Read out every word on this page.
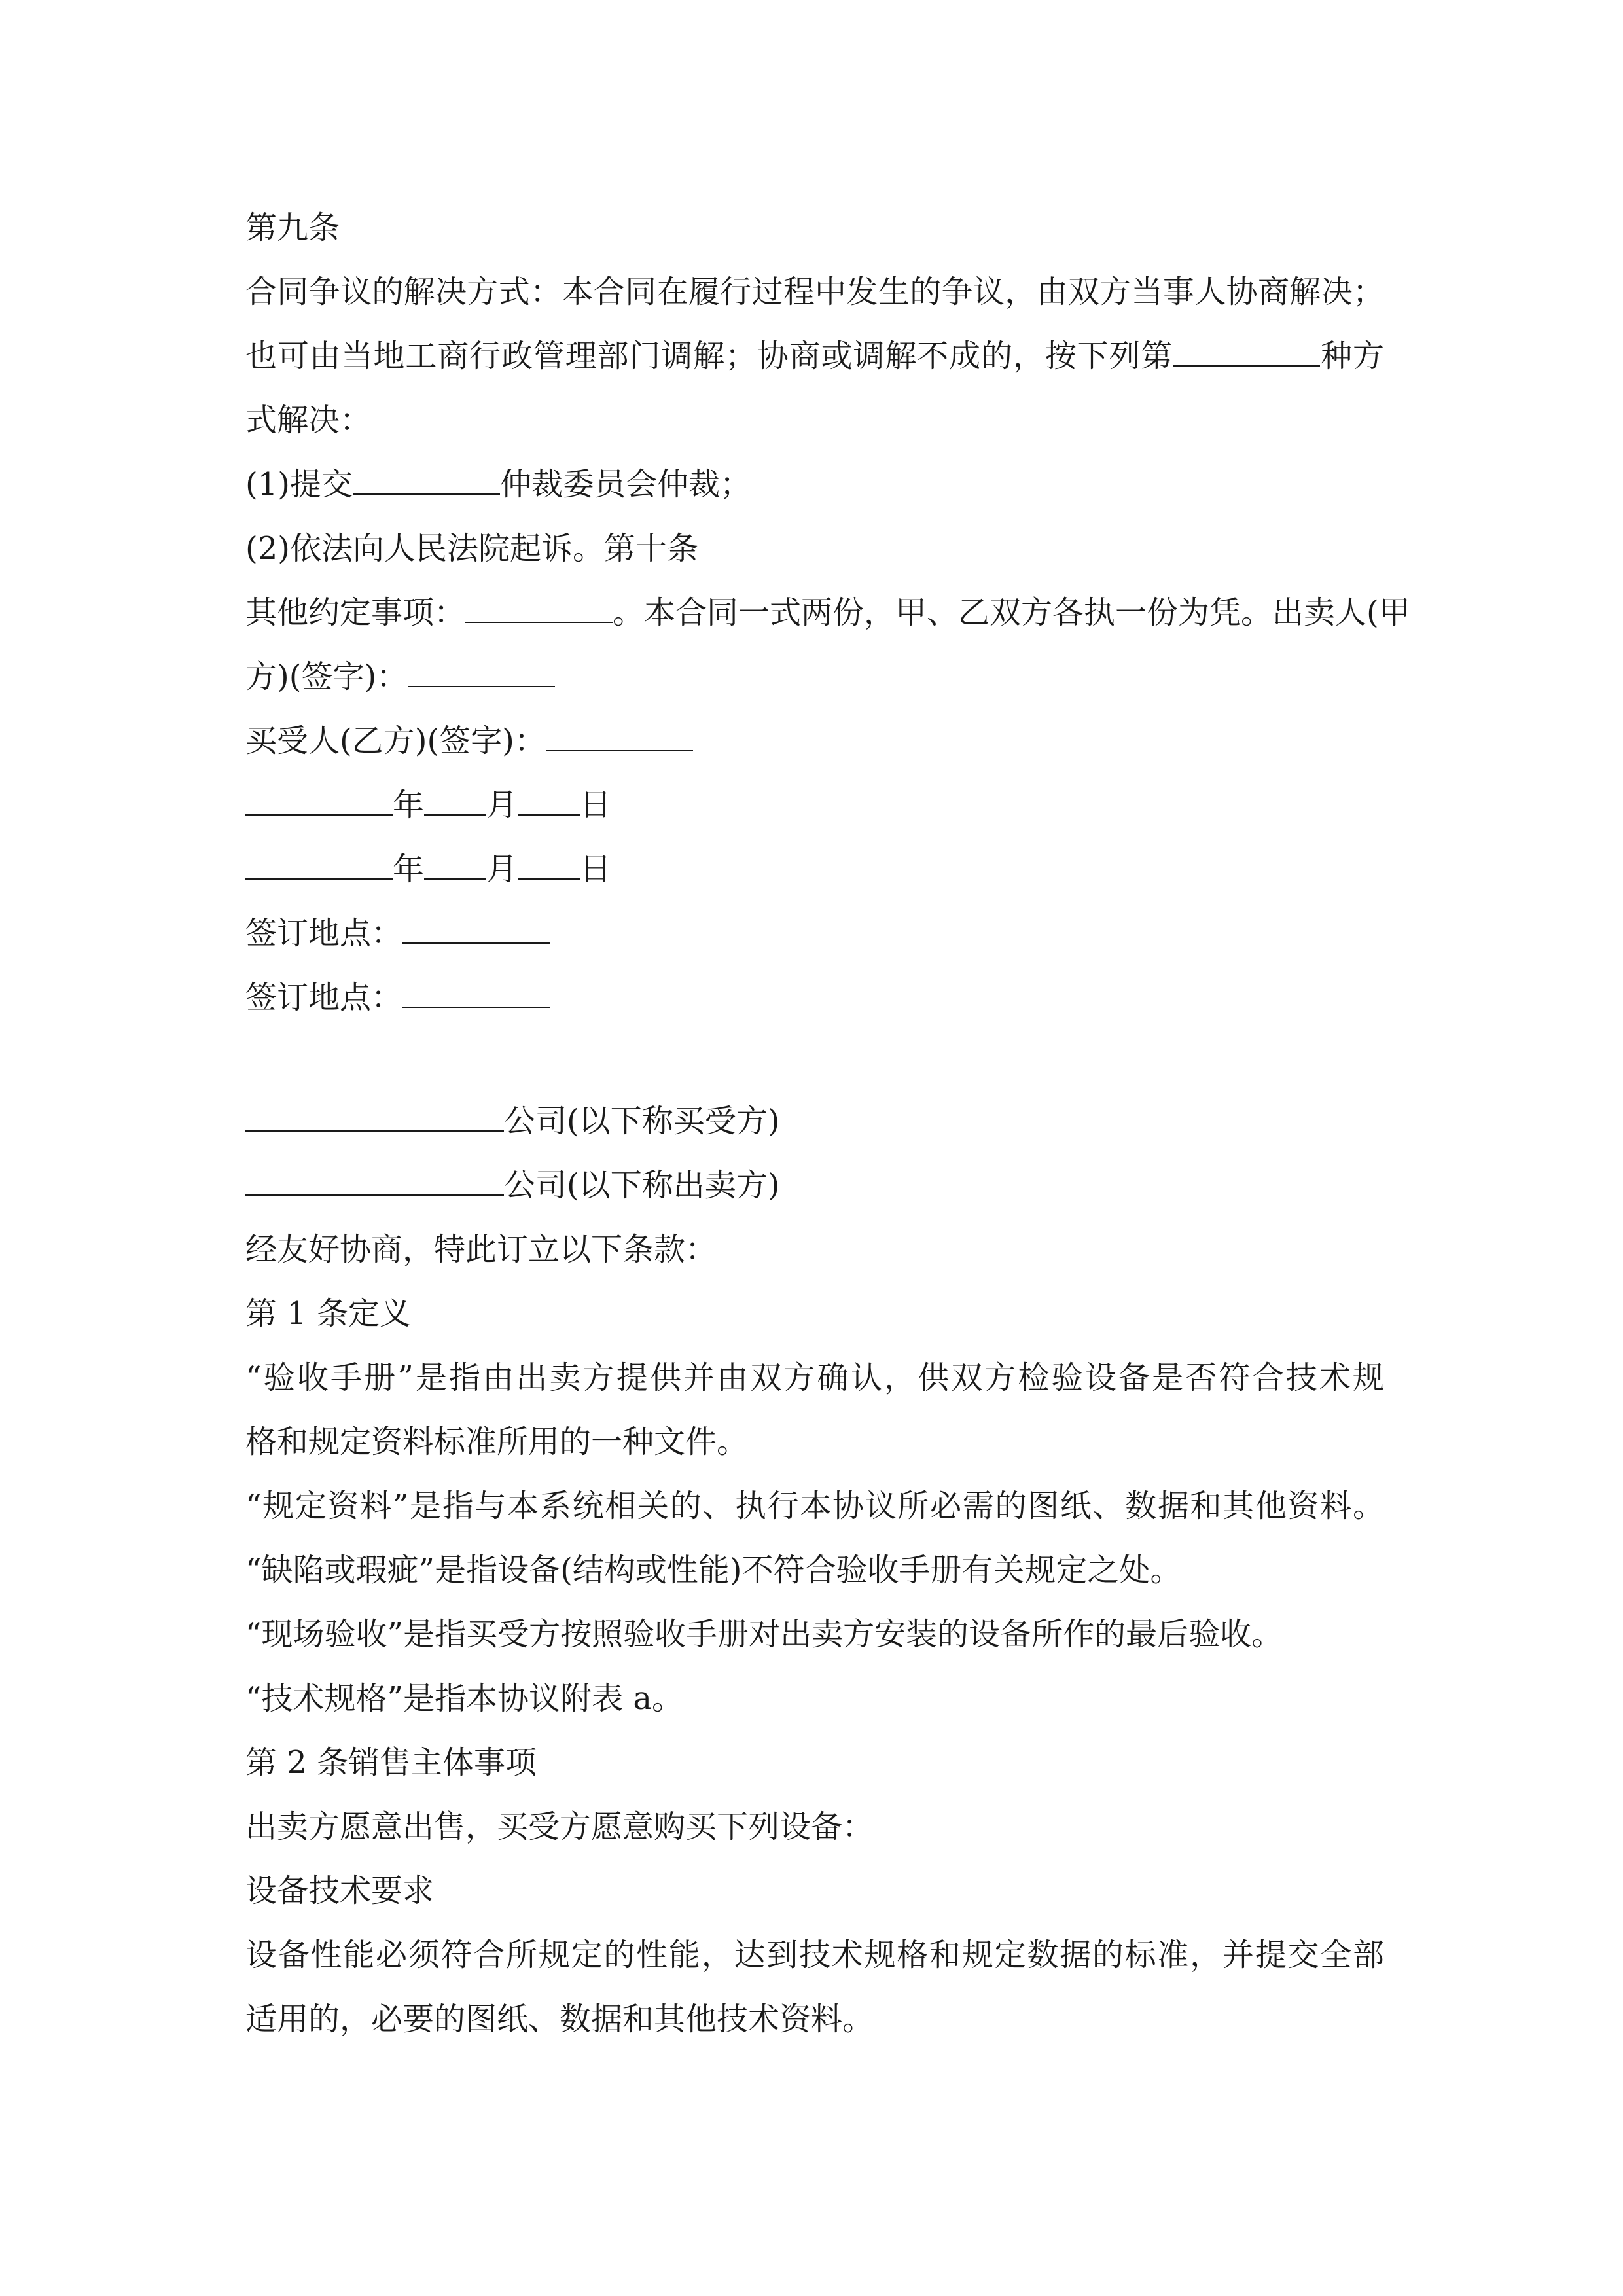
第九条
合同争议的解决方式：本合同在履行过程中发生的争议，由双方当事人协商解决；
也可由当地工商行政管理部门调解；协商或调解不成的，按下列第	种方
式解决：
(1)提交	仲裁委员会仲裁；
(2)依法向人民法院起诉。第十条
其他约定事项：	。本合同一式两份，甲、乙双方各执一份为凭。出卖人(甲
方)(签字)：
买受人(乙方)(签字)：
年 月 日
年 月 日
签订地点：
签订地点：
公司(以下称买受方)
公司(以下称出卖方)
经友好协商，特此订立以下条款：
第 1 条定义
“验收手册”是指由出卖方提供并由双方确认，供双方检验设备是否符合技术规
格和规定资料标准所用的一种文件。
“规定资料”是指与本系统相关的、执行本协议所必需的图纸、数据和其他资料。
“缺陷或瑕疵”是指设备(结构或性能)不符合验收手册有关规定之处。
“现场验收”是指买受方按照验收手册对出卖方安装的设备所作的最后验收。
“技术规格”是指本协议附表 a。
第 2 条销售主体事项
出卖方愿意出售，买受方愿意购买下列设备：
设备技术要求
设备性能必须符合所规定的性能，达到技术规格和规定数据的标准，并提交全部
适用的，必要的图纸、数据和其他技术资料。
